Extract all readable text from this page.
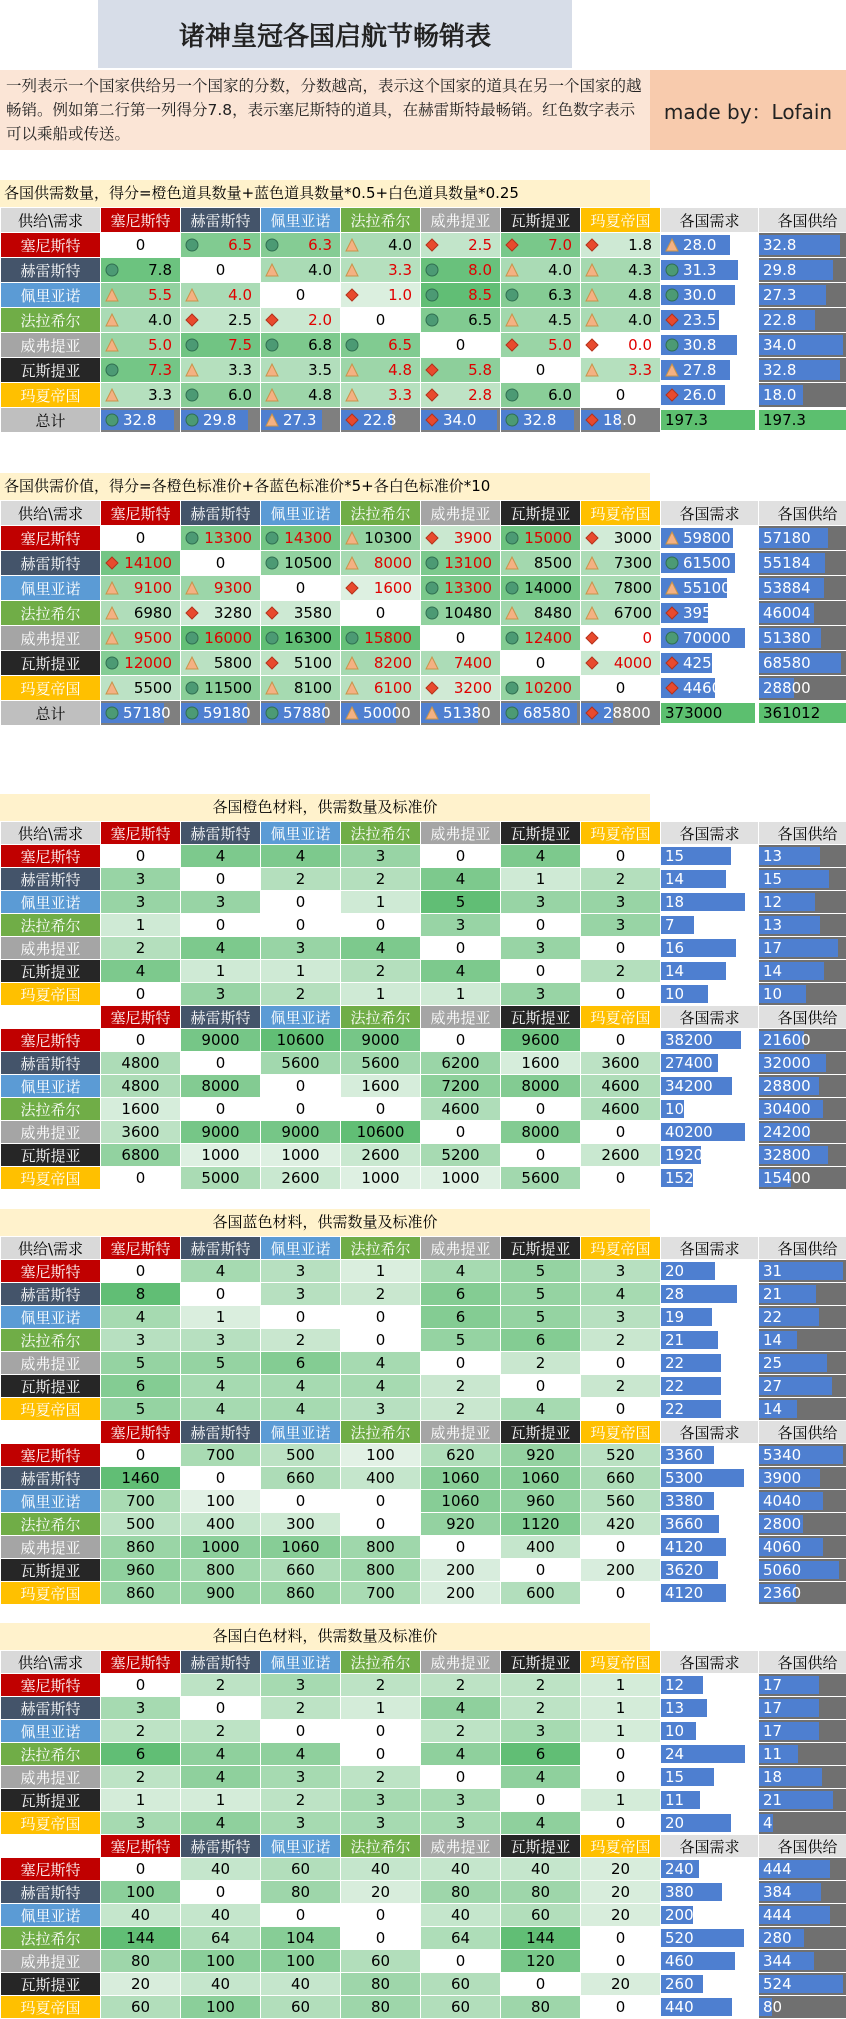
诸神皇冠各国启航节畅销表
一列表示一个国家供给另一个国家的分数，分数越高，表示这个国家的道具在另一个国家的越畅销。例如第二行第一列得分7.8，表示塞尼斯特的道具，在赫雷斯特最畅销。红色数字表示可以乘船或传送。
made by：Lofain
各国供需数量，得分=橙色道具数量+蓝色道具数量*0.5+白色道具数量*0.25
供给\需求	塞尼斯特	赫雷斯特	佩里亚诺	法拉希尔	威弗提亚	瓦斯提亚	玛夏帝国	各国需求	各国供给
塞尼斯特	0	6.5	6.3	4.0	2.5	7.0	1.8	28.0	32.8
赫雷斯特	7.8	0	4.0	3.3	8.0	4.0	4.3	31.3	29.8
佩里亚诺	5.5	4.0	0	1.0	8.5	6.3	4.8	30.0	27.3
法拉希尔	4.0	2.5	2.0	0	6.5	4.5	4.0	23.5	22.8
威弗提亚	5.0	7.5	6.8	6.5	0	5.0	0.0	30.8	34.0
瓦斯提亚	7.3	3.3	3.5	4.8	5.8	0	3.3	27.8	32.8
玛夏帝国	3.3	6.0	4.8	3.3	2.8	6.0	0	26.0	18.0
总计	32.8	29.8	27.3	22.8	34.0	32.8	18.0	197.3	197.3
各国供需价值，得分=各橙色标准价+各蓝色标准价*5+各白色标准价*10
供给\需求	塞尼斯特	赫雷斯特	佩里亚诺	法拉希尔	威弗提亚	瓦斯提亚	玛夏帝国	各国需求	各国供给
塞尼斯特	0	13300	14300	10300	3900	15000	3000	59800	57180
赫雷斯特	14100	0	10500	8000	13100	8500	7300	61500	55184
佩里亚诺	9100	9300	0	1600	13300	14000	7800	55100	53884
法拉希尔	6980	3280	3580	0	10480	8480	6700	39500	46004
威弗提亚	9500	16000	16300	15800	0	12400	0	70000	51380
瓦斯提亚	12000	5800	5100	8200	7400	0	4000	42500	68580
玛夏帝国	5500	11500	8100	6100	3200	10200	0	44600	28800
总计	57180	59180	57880	50000	51380	68580	28800	373000	361012
各国橙色材料，供需数量及标准价
供给\需求	塞尼斯特	赫雷斯特	佩里亚诺	法拉希尔	威弗提亚	瓦斯提亚	玛夏帝国	各国需求	各国供给
塞尼斯特	0	4	4	3	0	4	0	15	13
赫雷斯特	3	0	2	2	4	1	2	14	15
佩里亚诺	3	3	0	1	5	3	3	18	12
法拉希尔	1	0	0	0	3	0	3	7	13
威弗提亚	2	4	3	4	0	3	0	16	17
瓦斯提亚	4	1	1	2	4	0	2	14	14
玛夏帝国	0	3	2	1	1	3	0	10	10
	塞尼斯特	赫雷斯特	佩里亚诺	法拉希尔	威弗提亚	瓦斯提亚	玛夏帝国	各国需求	各国供给
塞尼斯特	0	9000	10600	9000	0	9600	0	38200	21600
赫雷斯特	4800	0	5600	5600	6200	1600	3600	27400	32000
佩里亚诺	4800	8000	0	1600	7200	8000	4600	34200	28800
法拉希尔	1600	0	0	0	4600	0	4600	10800	30400
威弗提亚	3600	9000	9000	10600	0	8000	0	40200	24200
瓦斯提亚	6800	1000	1000	2600	5200	0	2600	19200	32800
玛夏帝国	0	5000	2600	1000	1000	5600	0	15200	15400
各国蓝色材料，供需数量及标准价
供给\需求	塞尼斯特	赫雷斯特	佩里亚诺	法拉希尔	威弗提亚	瓦斯提亚	玛夏帝国	各国需求	各国供给
塞尼斯特	0	4	3	1	4	5	3	20	31
赫雷斯特	8	0	3	2	6	5	4	28	21
佩里亚诺	4	1	0	0	6	5	3	19	22
法拉希尔	3	3	2	0	5	6	2	21	14
威弗提亚	5	5	6	4	0	2	0	22	25
瓦斯提亚	6	4	4	4	2	0	2	22	27
玛夏帝国	5	4	4	3	2	4	0	22	14
	塞尼斯特	赫雷斯特	佩里亚诺	法拉希尔	威弗提亚	瓦斯提亚	玛夏帝国	各国需求	各国供给
塞尼斯特	0	700	500	100	620	920	520	3360	5340
赫雷斯特	1460	0	660	400	1060	1060	660	5300	3900
佩里亚诺	700	100	0	0	1060	960	560	3380	4040
法拉希尔	500	400	300	0	920	1120	420	3660	2800
威弗提亚	860	1000	1060	800	0	400	0	4120	4060
瓦斯提亚	960	800	660	800	200	0	200	3620	5060
玛夏帝国	860	900	860	700	200	600	0	4120	2360
各国白色材料，供需数量及标准价
供给\需求	塞尼斯特	赫雷斯特	佩里亚诺	法拉希尔	威弗提亚	瓦斯提亚	玛夏帝国	各国需求	各国供给
塞尼斯特	0	2	3	2	2	2	1	12	17
赫雷斯特	3	0	2	1	4	2	1	13	17
佩里亚诺	2	2	0	0	2	3	1	10	17
法拉希尔	6	4	4	0	4	6	0	24	11
威弗提亚	2	4	3	2	0	4	0	15	18
瓦斯提亚	1	1	2	3	3	0	1	11	21
玛夏帝国	3	4	3	3	3	4	0	20	4
	塞尼斯特	赫雷斯特	佩里亚诺	法拉希尔	威弗提亚	瓦斯提亚	玛夏帝国	各国需求	各国供给
塞尼斯特	0	40	60	40	40	40	20	240	444
赫雷斯特	100	0	80	20	80	80	20	380	384
佩里亚诺	40	40	0	0	40	60	20	200	444
法拉希尔	144	64	104	0	64	144	0	520	280
威弗提亚	80	100	100	60	0	120	0	460	344
瓦斯提亚	20	40	40	80	60	0	20	260	524
玛夏帝国	60	100	60	80	60	80	0	440	80
